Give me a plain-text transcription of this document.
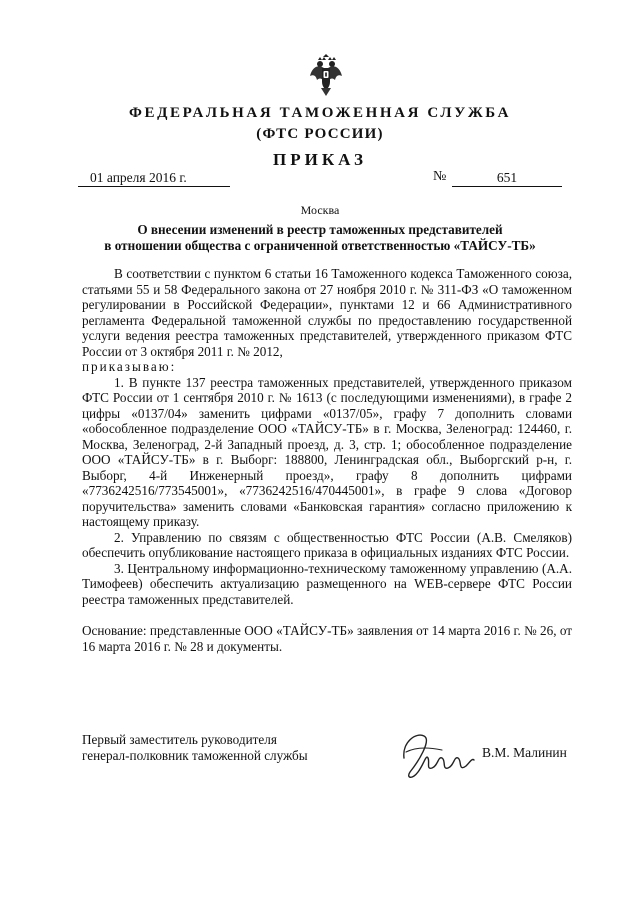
ФЕДЕРАЛЬНАЯ ТАМОЖЕННАЯ СЛУЖБА
(ФТС РОССИИ)
ПРИКАЗ
01 апреля 2016 г.	№	651
Москва
О внесении изменений в реестр таможенных представителей
в отношении общества с ограниченной ответственностью «ТАЙСУ-ТБ»

В соответствии с пунктом 6 статьи 16 Таможенного кодекса Таможенного союза, статьями 55 и 58 Федерального закона от 27 ноября 2010 г. № 311-ФЗ «О таможенном регулировании в Российской Федерации», пунктами 12 и 66 Административного регламента Федеральной таможенной службы по предоставлению государственной услуги ведения реестра таможенных представителей, утвержденного приказом ФТС России от 3 октября 2011 г. № 2012,

приказываю:

1. В пункте 137 реестра таможенных представителей, утвержденного приказом ФТС России от 1 сентября 2010 г. № 1613 (с последующими изменениями), в графе 2 цифры «0137/04» заменить цифрами «0137/05», графу 7 дополнить словами «обособленное подразделение ООО «ТАЙСУ-ТБ» в г. Москва, Зеленоград: 124460, г. Москва, Зеленоград, 2-й Западный проезд, д. 3, стр. 1; обособленное подразделение ООО «ТАЙСУ-ТБ» в г. Выборг: 188800, Ленинградская обл., Выборгский р-н, г. Выборг, 4-й Инженерный проезд», графу 8 дополнить цифрами «7736242516/773545001», «7736242516/470445001», в графе 9 слова «Договор поручительства» заменить словами «Банковская гарантия» согласно приложению к настоящему приказу.

2. Управлению по связям с общественностью ФТС России (А.В. Смеляков) обеспечить опубликование настоящего приказа в официальных изданиях ФТС России.

3. Центральному информационно-техническому таможенному управлению (А.А. Тимофеев) обеспечить актуализацию размещенного на WEB-сервере ФТС России реестра таможенных представителей.

Основание: представленные ООО «ТАЙСУ-ТБ» заявления от 14 марта 2016 г. № 26, от 16 марта 2016 г. № 28 и документы.

Первый заместитель руководителя
генерал-полковник таможенной службы	В.М. Малинин
